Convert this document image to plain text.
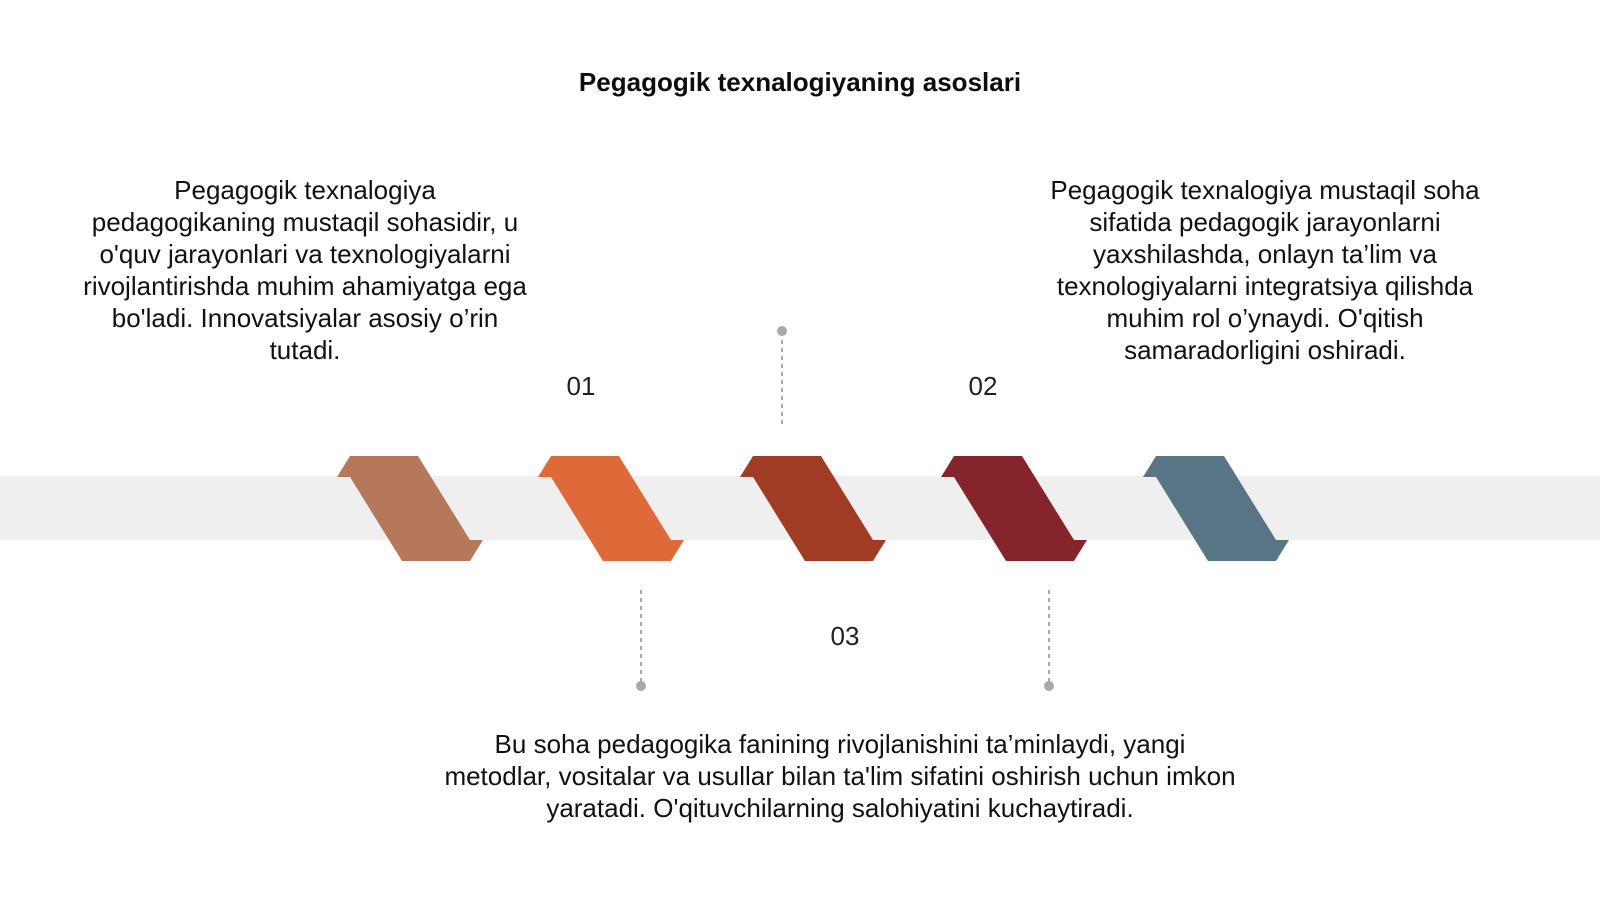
Pegagogik texnalogiyaning asoslari
Pegagogik texnalogiya pedagogikaning mustaqil sohasidir, u o'quv jarayonlari va texnologiyalarni rivojlantirishda muhim ahamiyatga ega bo'ladi. Innovatsiyalar asosiy o’rin tutadi.
Pegagogik texnalogiya mustaqil soha sifatida pedagogik jarayonlarni yaxshilashda, onlayn ta’lim va texnologiyalarni integratsiya qilishda muhim rol o’ynaydi. O'qitish samaradorligini oshiradi.
Bu soha pedagogika fanining rivojlanishini ta’minlaydi, yangi metodlar, vositalar va usullar bilan ta'lim sifatini oshirish uchun imkon yaratadi. O'qituvchilarning salohiyatini kuchaytiradi.
01	02
03
